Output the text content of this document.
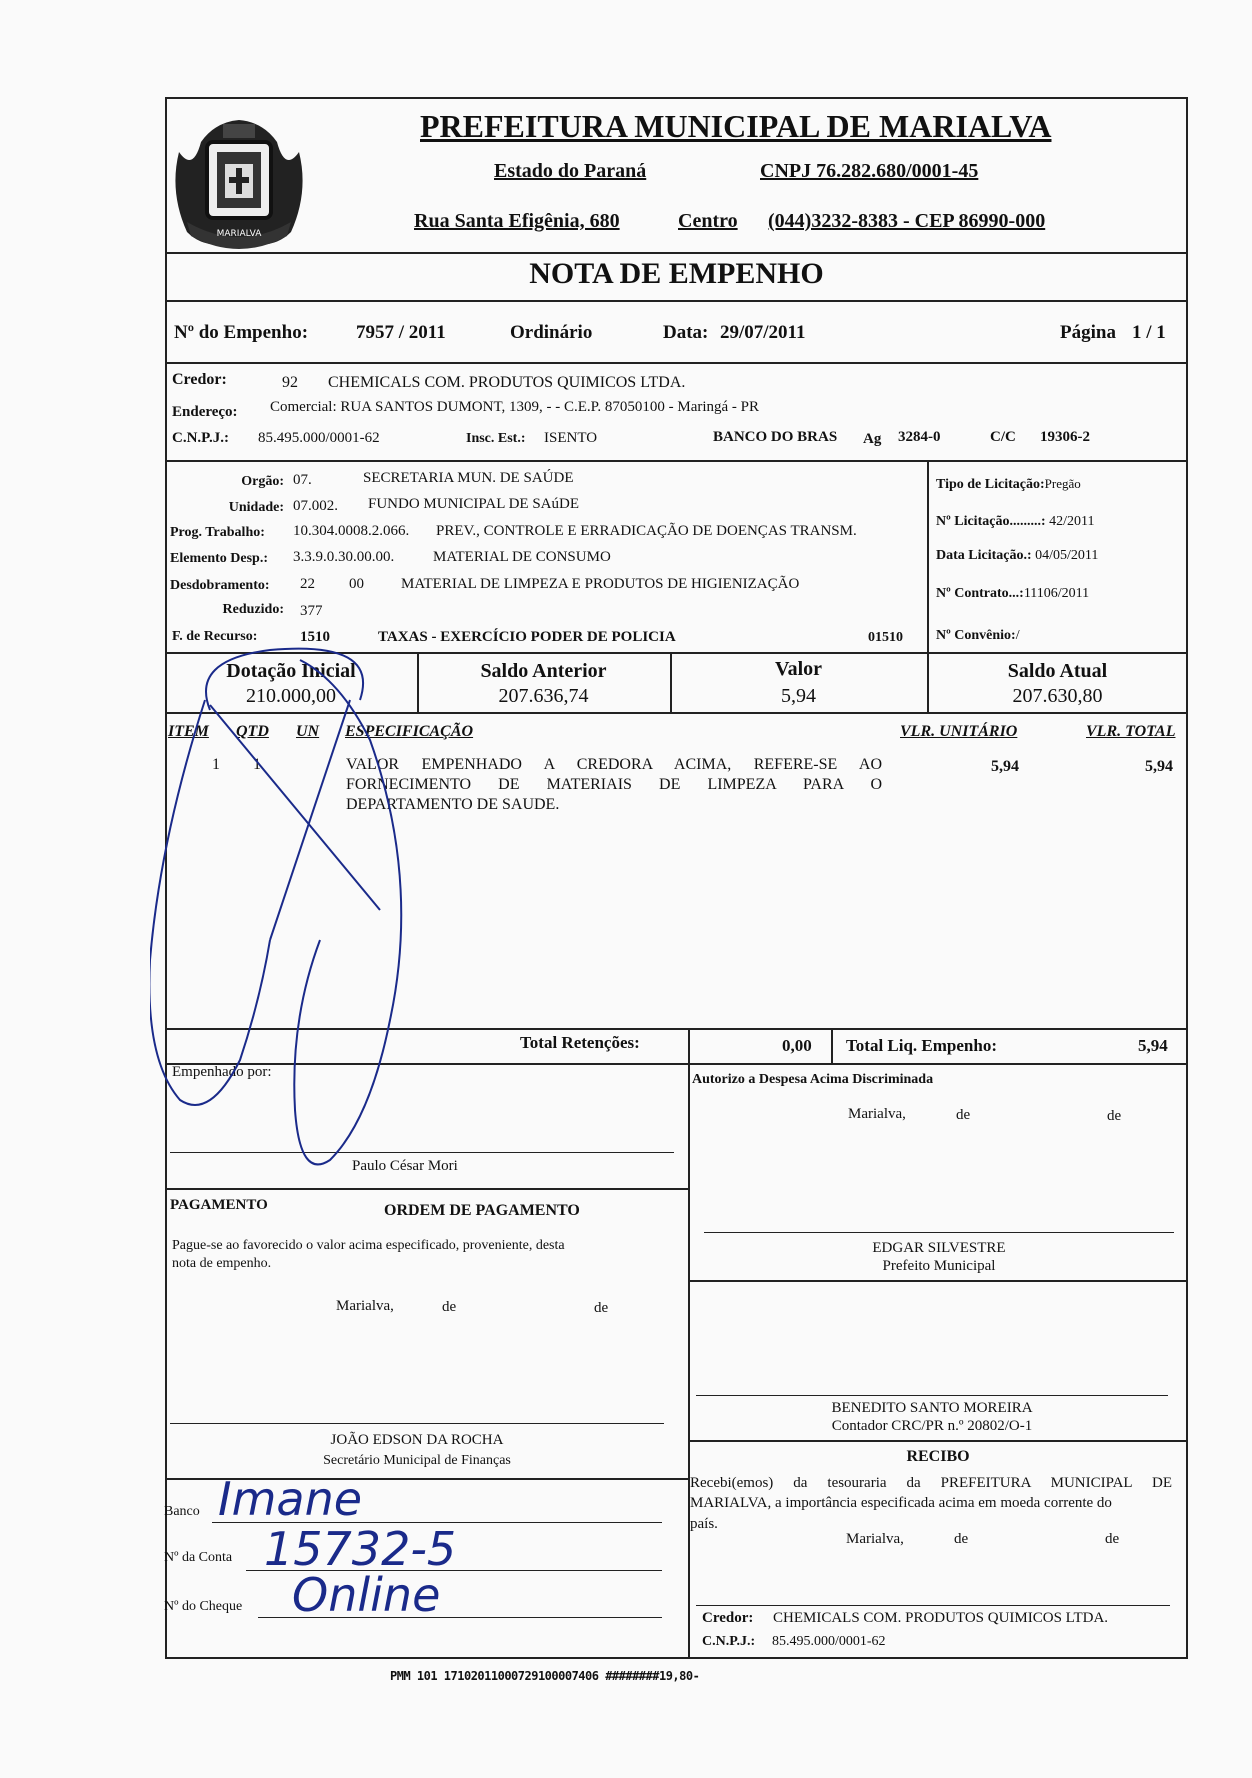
MARIALVA
PREFEITURA MUNICIPAL DE MARIALVA
Estado do Paraná	CNPJ 76.282.680/0001-45
Rua Santa Efigênia, 680	Centro (044)3232-8383 - CEP 86990-000
NOTA DE EMPENHO
Nº do Empenho:	7957 / 2011	Ordinário	Data: 29/07/2011	Página 1 / 1
Credor:	92 CHEMICALS COM. PRODUTOS QUIMICOS LTDA.
Endereço: Comercial: RUA SANTOS DUMONT, 1309, - - C.E.P. 87050100 - Maringá - PR
C.N.P.J.: 85.495.000/0001-62	Insc. Est.: ISENTO	BANCO DO BRAS Ag 3284-0	C/C 19306-2
Orgão: 07.	SECRETARIA MUN. DE SAÚDE
Unidade: 07.002. FUNDO MUNICIPAL DE SAúDE
Prog. Trabalho: 10.304.0008.2.066. PREV., CONTROLE E ERRADICAÇÃO DE DOENÇAS TRANSM.
Elemento Desp.: 3.3.9.0.30.00.00.	MATERIAL DE CONSUMO
Desdobramento: 22 00 MATERIAL DE LIMPEZA E PRODUTOS DE HIGIENIZAÇÃO
Reduzido: 377
F. de Recurso:	1510	TAXAS - EXERCÍCIO PODER DE POLICIA	01510
Tipo de Licitação:Pregão
Nº Licitação.........: 42/2011
Data Licitação.: 04/05/2011
Nº Contrato...:11106/2011
Nº Convênio:/
Dotação Inicial
210.000,00
Saldo Anterior
207.636,74
Valor
5,94
Saldo Atual
207.630,80
ITEM QTD UN ESPECIFICAÇÃO	VLR. UNITÁRIO	VLR. TOTAL
1 1	VALOR EMPENHADO A CREDORA ACIMA, REFERE-SE AO
FORNECIMENTO DE MATERIAIS DE LIMPEZA PARA O
DEPARTAMENTO DE SAUDE.
5,94	5,94
Total Retenções:	0,00 Total Liq. Empenho:	5,94
Empenhado por:
Paulo César Mori
PAGAMENTO	ORDEM DE PAGAMENTO
Pague-se ao favorecido o valor acima especificado, proveniente, desta
nota de empenho.
Marialva,	de	de
JOÃO EDSON DA ROCHA
Secretário Municipal de Finanças
Banco Imane
Nº da Conta 15732-5
Nº do Cheque Online
Autorizo a Despesa Acima Discriminada
Marialva,	de	de
EDGAR SILVESTRE
Prefeito Municipal
BENEDITO SANTO MOREIRA
Contador CRC/PR n.º 20802/O-1
RECIBO
Recebi(emos) da tesouraria da PREFEITURA MUNICIPAL DE
MARIALVA, a importância especificada acima em moeda corrente do
país.
Marialva,	de	de
Credor: CHEMICALS COM. PRODUTOS QUIMICOS LTDA.
C.N.P.J.: 85.495.000/0001-62
PMM 101 17102011000729100007406 ########19,80-
